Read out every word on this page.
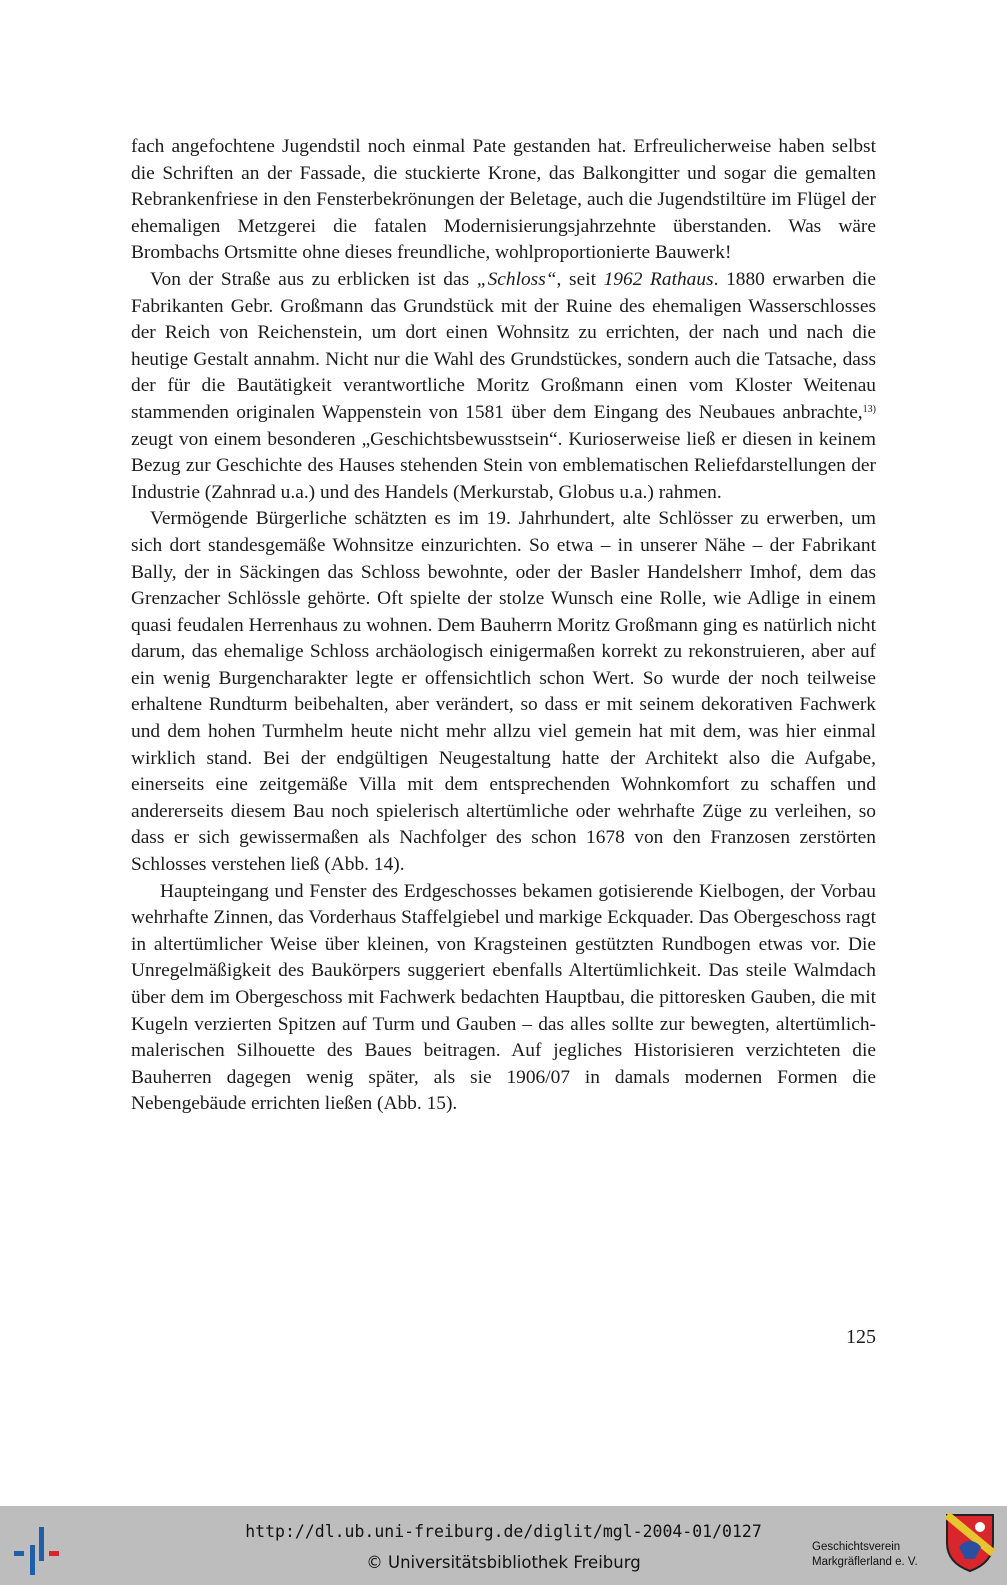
fach angefochtene Jugendstil noch einmal Pate gestanden hat. Erfreulicherweise haben selbst die Schriften an der Fassade, die stuckierte Krone, das Balkongitter und sogar die gemalten Rebrankenfriese in den Fensterbekrönungen der Beletage, auch die Jugendstiltüre im Flügel der ehemaligen Metzgerei die fatalen Modernisierungsjahrzehnte überstanden. Was wäre Brombachs Ortsmitte ohne dieses freundliche, wohlproportionierte Bauwerk!

Von der Straße aus zu erblicken ist das „Schloss“, seit 1962 Rathaus. 1880 erwarben die Fabrikanten Gebr. Großmann das Grundstück mit der Ruine des ehemaligen Wasserschlosses der Reich von Reichenstein, um dort einen Wohnsitz zu errichten, der nach und nach die heutige Gestalt annahm. Nicht nur die Wahl des Grundstückes, sondern auch die Tatsache, dass der für die Bautätigkeit verantwortliche Moritz Großmann einen vom Kloster Weitenau stammenden originalen Wappenstein von 1581 über dem Eingang des Neubaues anbrachte,$^{13)}$ zeugt von einem besonderen „Geschichtsbewusstsein“. Kurioserweise ließ er diesen in keinem Bezug zur Geschichte des Hauses stehenden Stein von emblematischen Reliefdarstellungen der Industrie (Zahnrad u.a.) und des Handels (Merkurstab, Globus u.a.) rahmen.

Vermögende Bürgerliche schätzten es im 19. Jahrhundert, alte Schlösser zu erwerben, um sich dort standesgemäße Wohnsitze einzurichten. So etwa – in unserer Nähe – der Fabrikant Bally, der in Säckingen das Schloss bewohnte, oder der Basler Handelsherr Imhof, dem das Grenzacher Schlössle gehörte. Oft spielte der stolze Wunsch eine Rolle, wie Adlige in einem quasi feudalen Herrenhaus zu wohnen. Dem Bauherrn Moritz Großmann ging es natürlich nicht darum, das ehemalige Schloss archäologisch einigermaßen korrekt zu rekonstruieren, aber auf ein wenig Burgencharakter legte er offensichtlich schon Wert. So wurde der noch teilweise erhaltene Rundturm beibehalten, aber verändert, so dass er mit seinem dekorativen Fachwerk und dem hohen Turmhelm heute nicht mehr allzu viel gemein hat mit dem, was hier einmal wirklich stand. Bei der endgültigen Neugestaltung hatte der Architekt also die Aufgabe, einerseits eine zeitgemäße Villa mit dem entsprechenden Wohnkomfort zu schaffen und andererseits diesem Bau noch spielerisch altertümliche oder wehrhafte Züge zu verleihen, so dass er sich gewissermaßen als Nachfolger des schon 1678 von den Franzosen zerstörten Schlosses verstehen ließ (Abb. 14).

Haupteingang und Fenster des Erdgeschosses bekamen gotisierende Kielbogen, der Vorbau wehrhafte Zinnen, das Vorderhaus Staffelgiebel und markige Eckquader. Das Obergeschoss ragt in altertümlicher Weise über kleinen, von Kragsteinen gestützten Rundbogen etwas vor. Die Unregelmäßigkeit des Baukörpers suggeriert ebenfalls Altertümlichkeit. Das steile Walmdach über dem im Obergeschoss mit Fachwerk bedachten Hauptbau, die pittoresken Gauben, die mit Kugeln verzierten Spitzen auf Turm und Gauben – das alles sollte zur bewegten, altertümlich-malerischen Silhouette des Baues beitragen. Auf jegliches Historisieren verzichteten die Bauherren dagegen wenig später, als sie 1906/07 in damals modernen Formen die Nebengebäude errichten ließen (Abb. 15).

125
http://dl.ub.uni-freiburg.de/diglit/mgl-2004-01/0127
© Universitätsbibliothek Freiburg
Geschichtsverein
Markgräflerland e. V.
